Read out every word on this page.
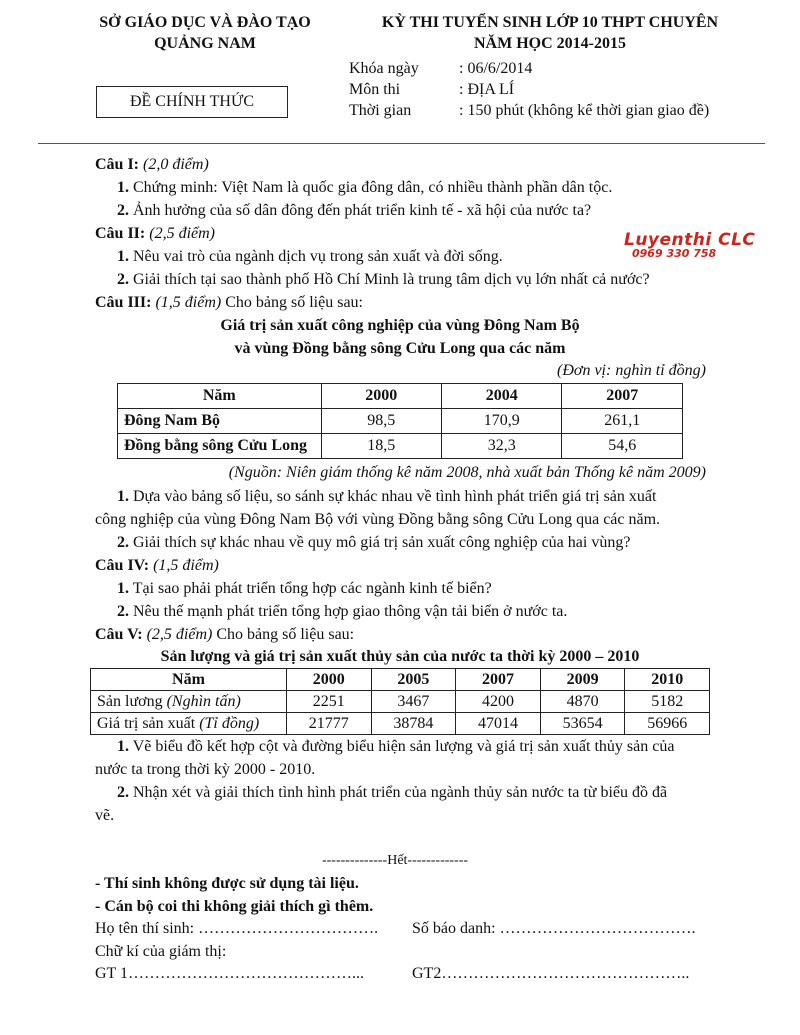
SỞ GIÁO DỤC VÀ ĐÀO TẠO
QUẢNG NAM
ĐỀ CHÍNH THỨC
KỲ THI TUYỂN SINH LỚP 10 THPT CHUYÊN
NĂM HỌC 2014-2015
Khóa ngày	: 06/6/2014
Môn thi	: ĐỊA LÍ
Thời gian	: 150 phút (không kể thời gian giao đề)
Luyenthi CLC
0969 330 758
Câu I: (2,0 điểm)
1. Chứng minh: Việt Nam là quốc gia đông dân, có nhiều thành phần dân tộc.
2. Ảnh hưởng của số dân đông đến phát triển kinh tế - xã hội của nước ta?
Câu II: (2,5 điểm)
1. Nêu vai trò của ngành dịch vụ trong sản xuất và đời sống.
2. Giải thích tại sao thành phố Hồ Chí Minh là trung tâm dịch vụ lớn nhất cả nước?
Câu III: (1,5 điểm) Cho bảng số liệu sau:
Giá trị sản xuất công nghiệp của vùng Đông Nam Bộ
và vùng Đồng bằng sông Cửu Long qua các năm
(Đơn vị: nghìn tỉ đồng)
Năm	2000	2004	2007
Đông Nam Bộ	98,5	170,9	261,1
Đồng bằng sông Cửu Long	18,5	32,3	54,6
(Nguồn: Niên giám thống kê năm 2008, nhà xuất bản Thống kê năm 2009)
1. Dựa vào bảng số liệu, so sánh sự khác nhau về tình hình phát triển giá trị sản xuất
công nghiệp của vùng Đông Nam Bộ với vùng Đồng bằng sông Cửu Long qua các năm.
2. Giải thích sự khác nhau về quy mô giá trị sản xuất công nghiệp của hai vùng?
Câu IV: (1,5 điểm)
1. Tại sao phải phát triển tổng hợp các ngành kinh tế biển?
2. Nêu thế mạnh phát triển tổng hợp giao thông vận tải biển ở nước ta.
Câu V: (2,5 điểm) Cho bảng số liệu sau:
Sản lượng và giá trị sản xuất thủy sản của nước ta thời kỳ 2000 – 2010
Năm	2000	2005	2007	2009	2010
Sản lương (Nghìn tấn)	2251	3467	4200	4870	5182
Giá trị sản xuất (Tỉ đồng)	21777	38784	47014	53654	56966
1. Vẽ biểu đồ kết hợp cột và đường biểu hiện sản lượng và giá trị sản xuất thủy sản của
nước ta trong thời kỳ 2000 - 2010.
2. Nhận xét và giải thích tình hình phát triển của ngành thủy sản nước ta từ biểu đồ đã
vẽ.
--------------Hết-------------
- Thí sinh không được sử dụng tài liệu.
- Cán bộ coi thi không giải thích gì thêm.
Họ tên thí sinh: ……………………………. Số báo danh: ……………………………….
Chữ kí của giám thị:
GT 1……………………………………...	GT2………………………………………..
